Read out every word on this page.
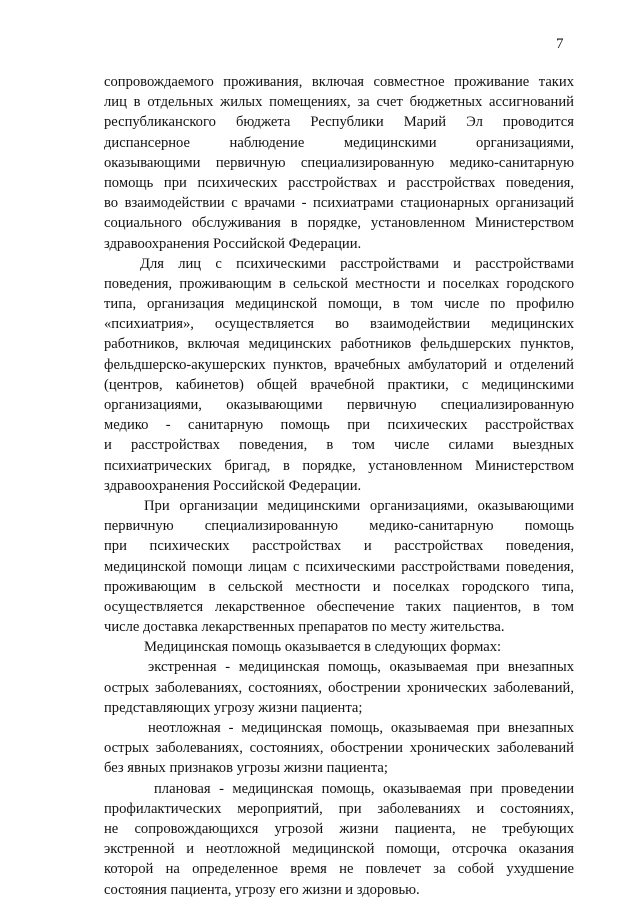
7
сопровождаемого проживания, включая совместное проживание таких
лиц в отдельных жилых помещениях, за счет бюджетных ассигнований
республиканского бюджета Республики Марий Эл проводится
диспансерное наблюдение медицинскими организациями,
оказывающими первичную специализированную медико-санитарную
помощь при психических расстройствах и расстройствах поведения,
во взаимодействии с врачами - психиатрами стационарных организаций
социального обслуживания в порядке, установленном Министерством
здравоохранения Российской Федерации.
Для лиц с психическими расстройствами и расстройствами
поведения, проживающим в сельской местности и поселках городского
типа, организация медицинской помощи, в том числе по профилю
«психиатрия», осуществляется во взаимодействии медицинских
работников, включая медицинских работников фельдшерских пунктов,
фельдшерско-акушерских пунктов, врачебных амбулаторий и отделений
(центров, кабинетов) общей врачебной практики, с медицинскими
организациями, оказывающими первичную специализированную
медико - санитарную помощь при психических расстройствах
и расстройствах поведения, в том числе силами выездных
психиатрических бригад, в порядке, установленном Министерством
здравоохранения Российской Федерации.
При организации медицинскими организациями, оказывающими
первичную специализированную медико-санитарную помощь
при психических расстройствах и расстройствах поведения,
медицинской помощи лицам с психическими расстройствами поведения,
проживающим в сельской местности и поселках городского типа,
осуществляется лекарственное обеспечение таких пациентов, в том
числе доставка лекарственных препаратов по месту жительства.
Медицинская помощь оказывается в следующих формах:
экстренная - медицинская помощь, оказываемая при внезапных
острых заболеваниях, состояниях, обострении хронических заболеваний,
представляющих угрозу жизни пациента;
неотложная - медицинская помощь, оказываемая при внезапных
острых заболеваниях, состояниях, обострении хронических заболеваний
без явных признаков угрозы жизни пациента;
плановая - медицинская помощь, оказываемая при проведении
профилактических мероприятий, при заболеваниях и состояниях,
не сопровождающихся угрозой жизни пациента, не требующих
экстренной и неотложной медицинской помощи, отсрочка оказания
которой на определенное время не повлечет за собой ухудшение
состояния пациента, угрозу его жизни и здоровью.
